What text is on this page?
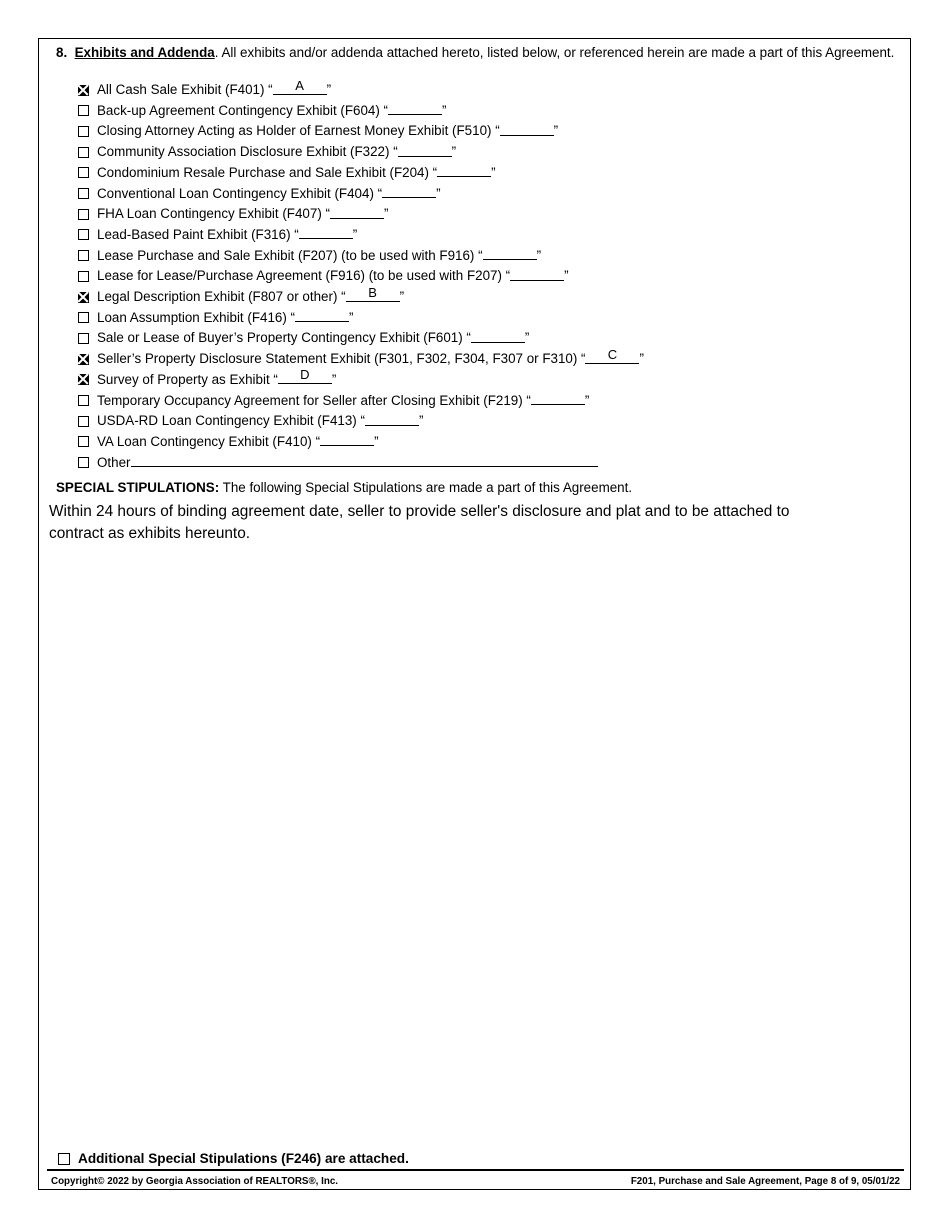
8. Exhibits and Addenda. All exhibits and/or addenda attached hereto, listed below, or referenced herein are made a part of this Agreement.
All Cash Sale Exhibit (F401) “	A	”
Back-up Agreement Contingency Exhibit (F604) “	”
Closing Attorney Acting as Holder of Earnest Money Exhibit (F510) “	”
Community Association Disclosure Exhibit (F322) “	”
Condominium Resale Purchase and Sale Exhibit (F204) “	”
Conventional Loan Contingency Exhibit (F404) “	”
FHA Loan Contingency Exhibit (F407) “	”
Lead-Based Paint Exhibit (F316) “	”
Lease Purchase and Sale Exhibit (F207) (to be used with F916) “	”
Lease for Lease/Purchase Agreement (F916) (to be used with F207) “	”
Legal Description Exhibit (F807 or other) “	B	”
Loan Assumption Exhibit (F416) “	”
Sale or Lease of Buyer’s Property Contingency Exhibit (F601) “	”
Seller’s Property Disclosure Statement Exhibit (F301, F302, F304, F307 or F310) “	C	”
Survey of Property as Exhibit “	D	”
Temporary Occupancy Agreement for Seller after Closing Exhibit (F219) “	”
USDA-RD Loan Contingency Exhibit (F413) “	”
VA Loan Contingency Exhibit (F410) “	”
Other
SPECIAL STIPULATIONS: The following Special Stipulations are made a part of this Agreement.
Within 24 hours of binding agreement date, seller to provide seller's disclosure and plat and to be attached to contract as exhibits hereunto.
Additional Special Stipulations (F246) are attached.
Copyright© 2022 by Georgia Association of REALTORS®, Inc.	F201, Purchase and Sale Agreement, Page 8 of 9, 05/01/22
